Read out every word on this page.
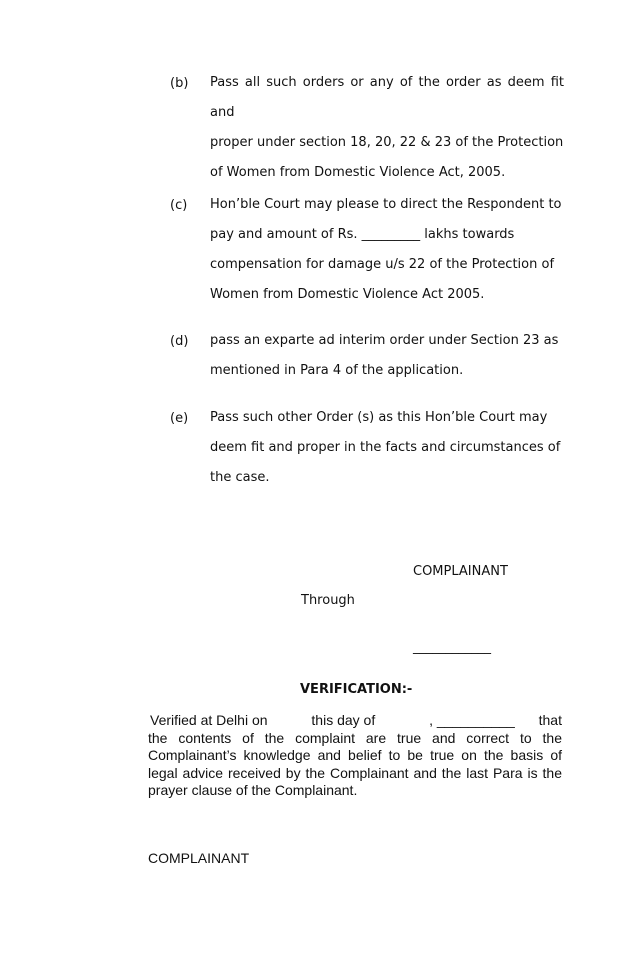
(b)	Pass all such orders or any of the order as deem fit and
proper under section 18, 20, 22 & 23 of the Protection
of Women from Domestic Violence Act, 2005.
(c)	Hon’ble Court may please to direct the Respondent to
pay and amount of Rs. _________ lakhs towards
compensation for damage u/s 22 of the Protection of
Women from Domestic Violence Act 2005.
(d)	pass an exparte ad interim order under Section 23 as
mentioned in Para 4 of the application.
(e)	Pass such other Order (s) as this Hon’ble Court may
deem fit and proper in the facts and circumstances of
the case.
COMPLAINANT
Through
____________
VERIFICATION:-
Verified at Delhi on	this day of	, __________ that
the contents of the complaint are true and correct to the Complainant’s knowledge and belief to be true on the basis of legal advice received by the Complainant and the last Para is the prayer clause of the Complainant.
COMPLAINANT
